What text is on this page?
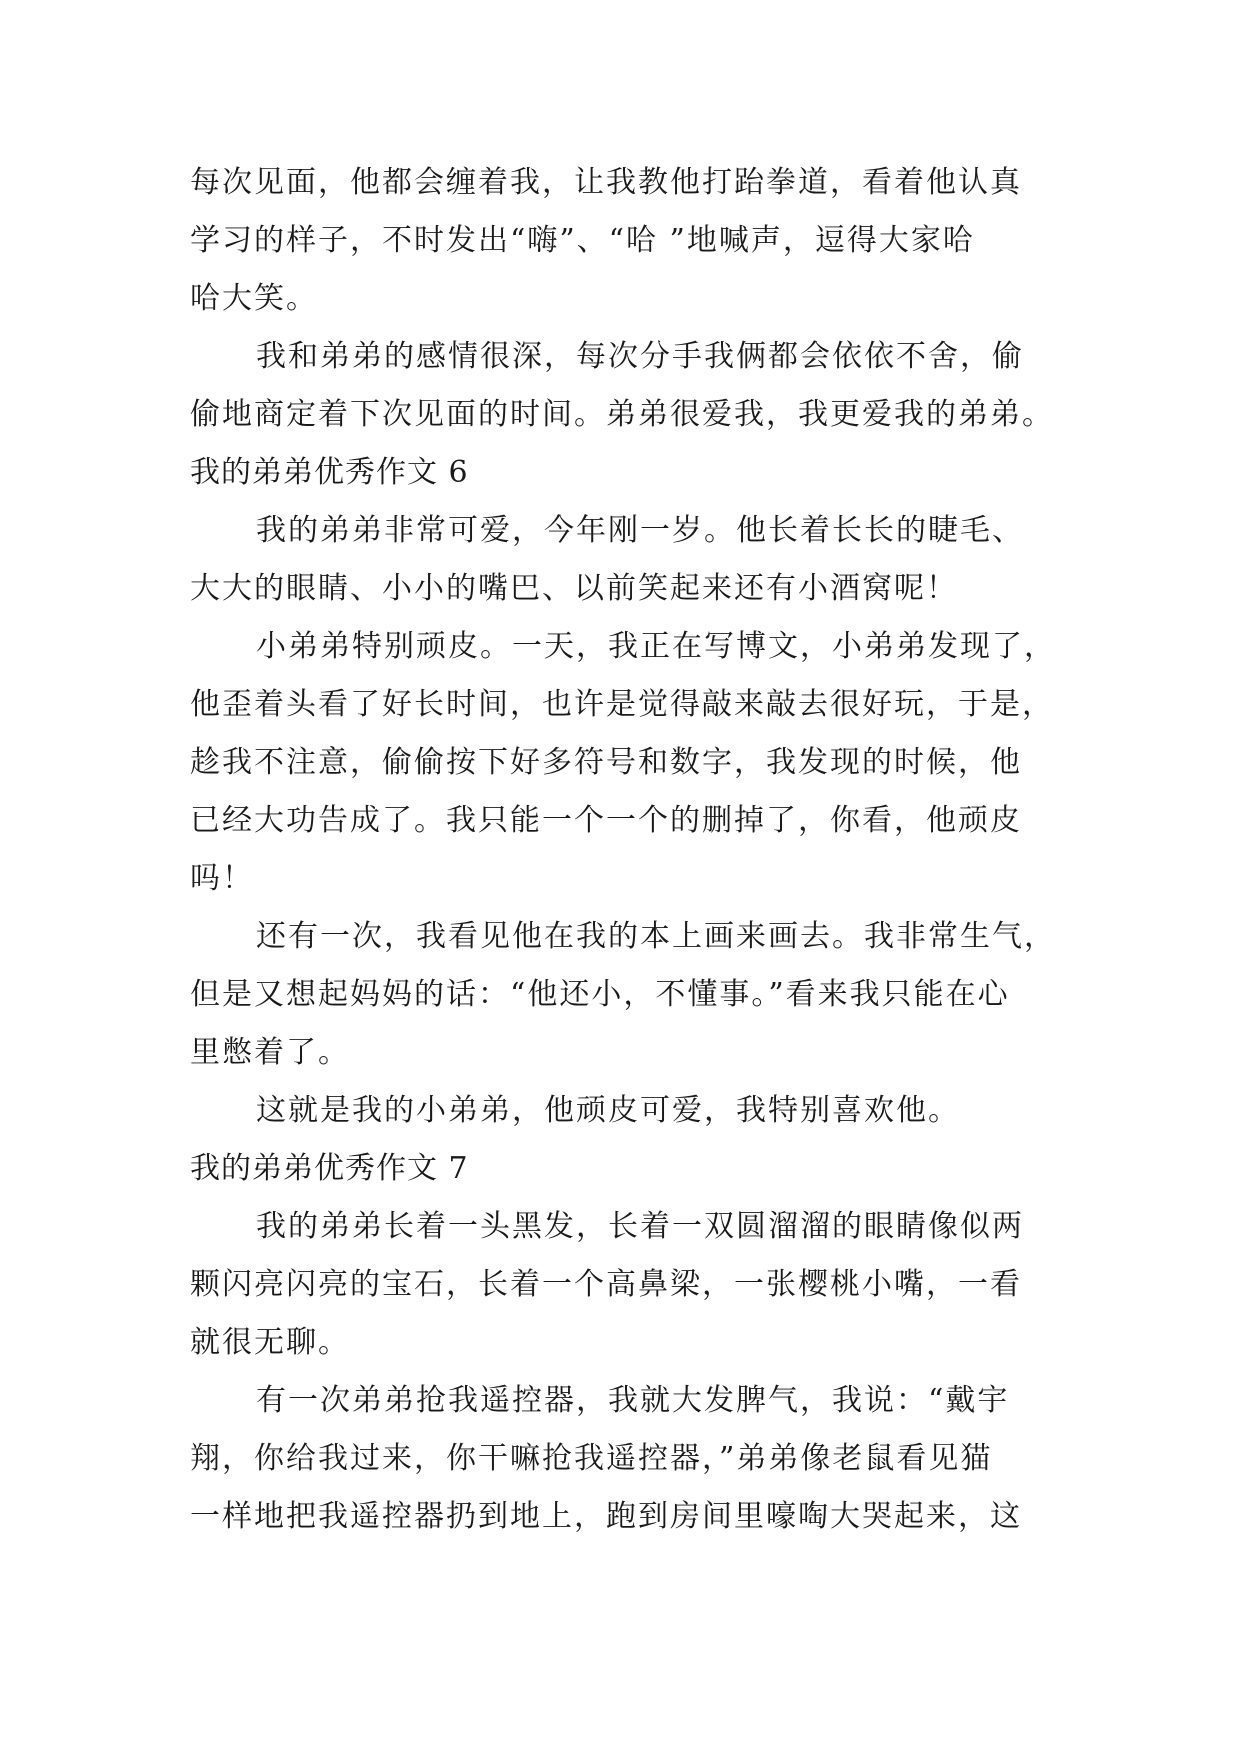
每次见面，他都会缠着我，让我教他打跆拳道，看着他认真
学习的样子，不时发出“嗨”、“哈 ”地喊声，逗得大家哈
哈大笑。
我和弟弟的感情很深，每次分手我俩都会依依不舍，偷
偷地商定着下次见面的时间。弟弟很爱我，我更爱我的弟弟。
我的弟弟优秀作文 6
我的弟弟非常可爱，今年刚一岁。他长着长长的睫毛、
大大的眼睛、小小的嘴巴、以前笑起来还有小酒窝呢！
小弟弟特别顽皮。一天，我正在写博文，小弟弟发现了，
他歪着头看了好长时间，也许是觉得敲来敲去很好玩，于是，
趁我不注意，偷偷按下好多符号和数字，我发现的时候，他
已经大功告成了。我只能一个一个的删掉了，你看，他顽皮
吗！
还有一次，我看见他在我的本上画来画去。我非常生气，
但是又想起妈妈的话：“他还小，不懂事。”看来我只能在心
里憋着了。
这就是我的小弟弟，他顽皮可爱，我特别喜欢他。
我的弟弟优秀作文 7
我的弟弟长着一头黑发，长着一双圆溜溜的眼睛像似两
颗闪亮闪亮的宝石，长着一个高鼻梁，一张樱桃小嘴，一看
就很无聊。
有一次弟弟抢我遥控器，我就大发脾气，我说：“戴宇
翔，你给我过来，你干嘛抢我遥控器，”弟弟像老鼠看见猫
一样地把我遥控器扔到地上，跑到房间里嚎啕大哭起来，这
